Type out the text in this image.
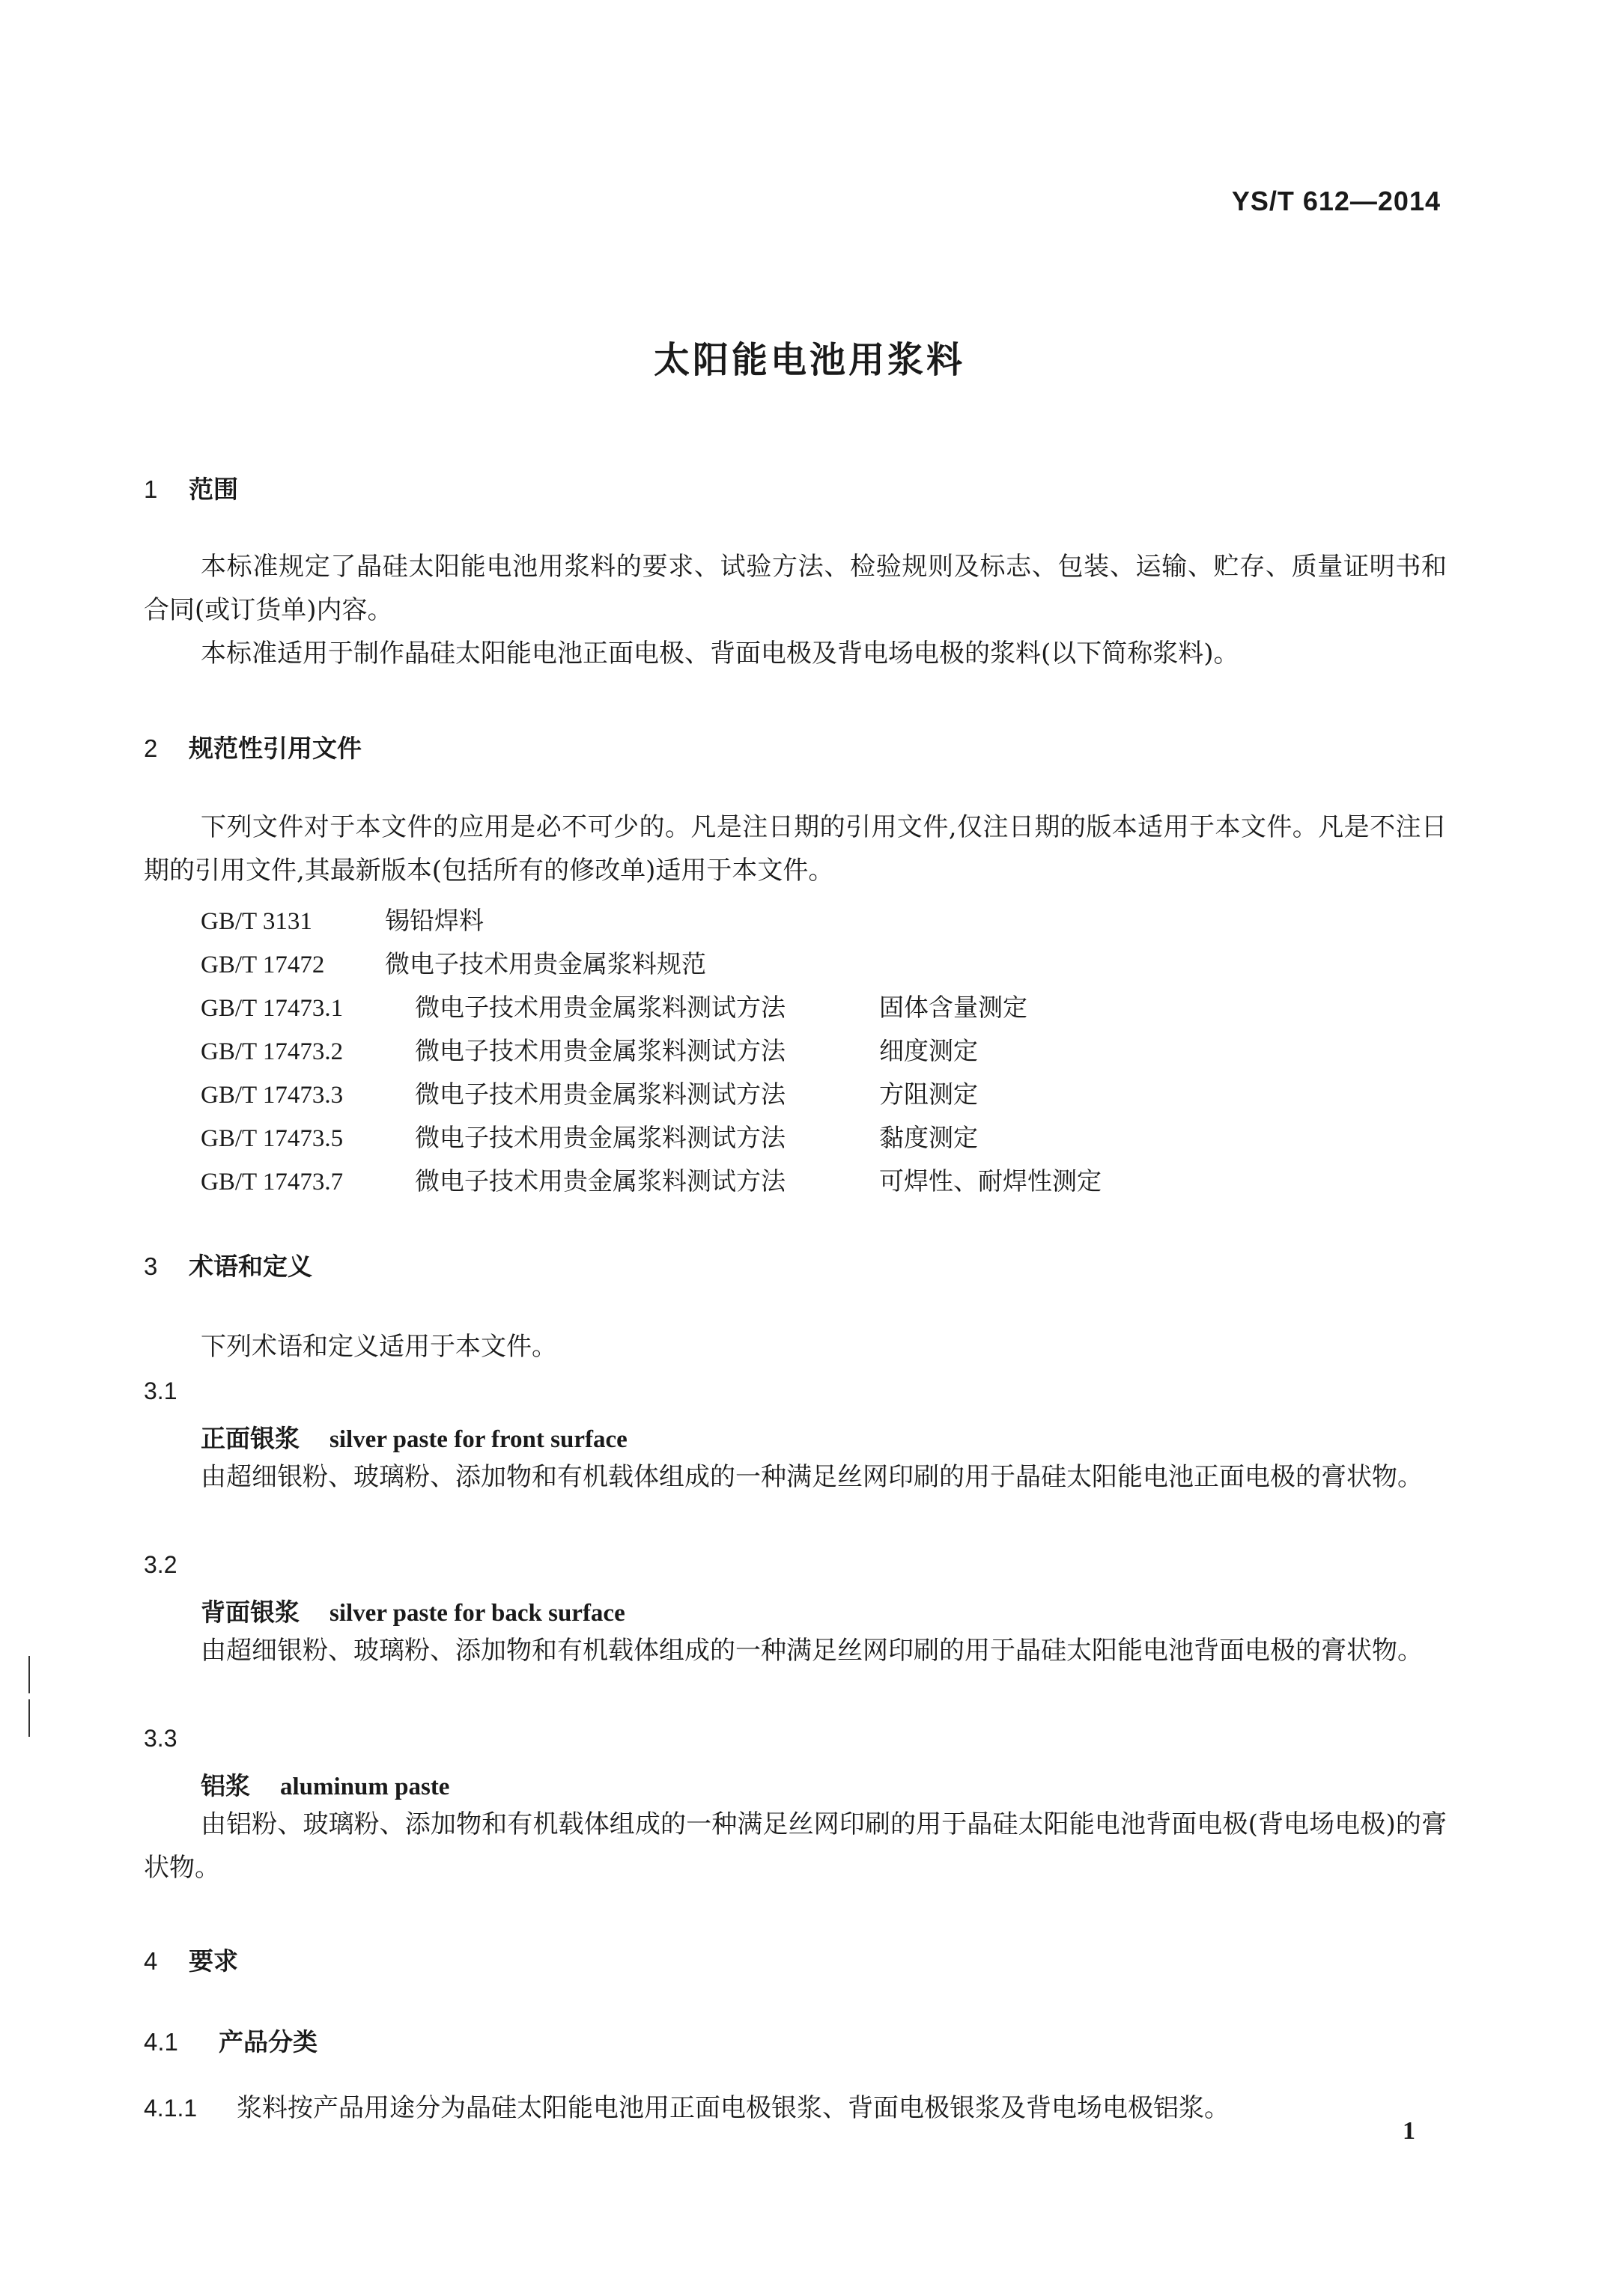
YS/T 612—2014
太阳能电池用浆料
1 范围
本标准规定了晶硅太阳能电池用浆料的要求、试验方法、检验规则及标志、包装、运输、贮存、质量证明书和合同(或订货单)内容。
本标准适用于制作晶硅太阳能电池正面电极、背面电极及背电场电极的浆料(以下简称浆料)。
2 规范性引用文件
下列文件对于本文件的应用是必不可少的。凡是注日期的引用文件,仅注日期的版本适用于本文件。凡是不注日期的引用文件,其最新版本(包括所有的修改单)适用于本文件。
GB/T 3131	锡铅焊料
GB/T 17472 微电子技术用贵金属浆料规范
GB/T 17473.1	微电子技术用贵金属浆料测试方法	固体含量测定
GB/T 17473.2	微电子技术用贵金属浆料测试方法	细度测定
GB/T 17473.3	微电子技术用贵金属浆料测试方法	方阻测定
GB/T 17473.5	微电子技术用贵金属浆料测试方法	黏度测定
GB/T 17473.7	微电子技术用贵金属浆料测试方法	可焊性、耐焊性测定
3 术语和定义
下列术语和定义适用于本文件。
3.1
正面银浆 silver paste for front surface
由超细银粉、玻璃粉、添加物和有机载体组成的一种满足丝网印刷的用于晶硅太阳能电池正面电极的膏状物。
3.2
背面银浆 silver paste for back surface
由超细银粉、玻璃粉、添加物和有机载体组成的一种满足丝网印刷的用于晶硅太阳能电池背面电极的膏状物。
3.3
铝浆 aluminum paste
由铝粉、玻璃粉、添加物和有机载体组成的一种满足丝网印刷的用于晶硅太阳能电池背面电极(背电场电极)的膏状物。
4 要求
4.1 产品分类
4.1.1 浆料按产品用途分为晶硅太阳能电池用正面电极银浆、背面电极银浆及背电场电极铝浆。
1
